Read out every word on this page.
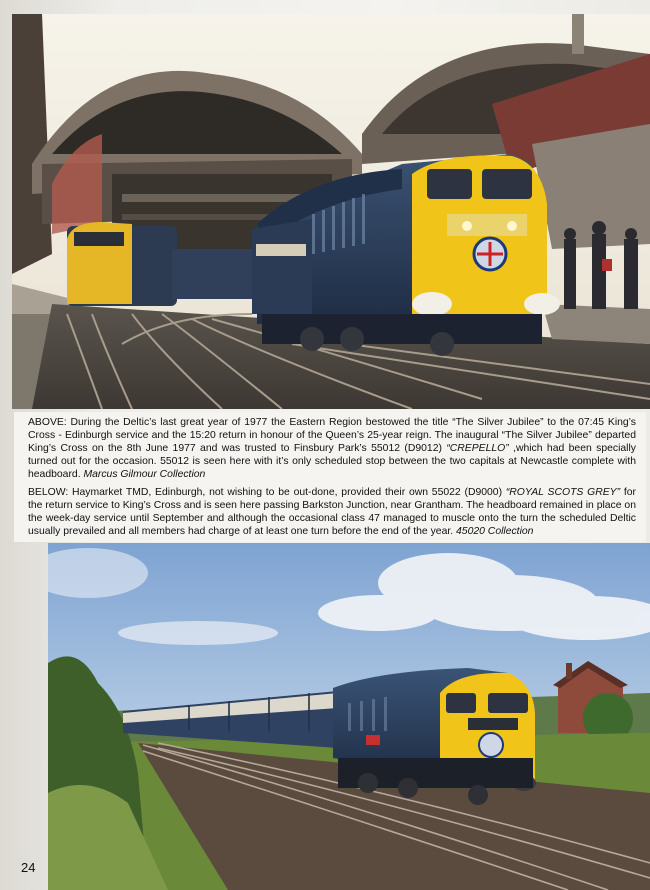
ABOVE: During the Deltic’s last great year of 1977 the Eastern Region bestowed the title “The Silver Jubilee” to the 07:45 King’s Cross - Edinburgh service and the 15:20 return in honour of the Queen’s 25-year reign. The inaugural “The Silver Jubilee” departed King’s Cross on the 8th June 1977 and was trusted to Finsbury Park’s 55012 (D9012) “CREPELLO” ,which had been specially turned out for the occasion. 55012 is seen here with it’s only scheduled stop between the two capitals at Newcastle complete with headboard. Marcus Gilmour Collection

BELOW: Haymarket TMD, Edinburgh, not wishing to be out-done, provided their own 55022 (D9000) “ROYAL SCOTS GREY” for the return service to King’s Cross and is seen here passing Barkston Junction, near Grantham. The headboard remained in place on the week-day service until September and although the occasional class 47 managed to muscle onto the turn the scheduled Deltic usually prevailed and all members had charge of at least one turn before the end of the year. 45020 Collection

24
